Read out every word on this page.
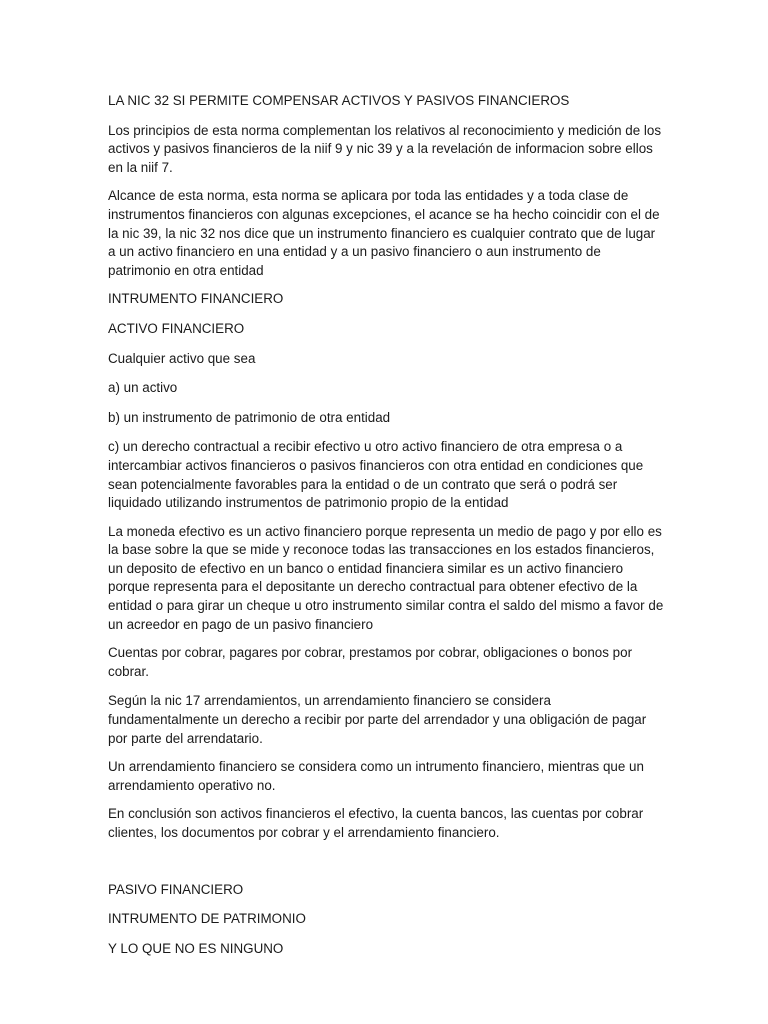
LA NIC 32 SI PERMITE COMPENSAR ACTIVOS Y PASIVOS FINANCIEROS

Los principios de esta norma complementan los relativos al reconocimiento y medición de los activos y pasivos financieros de la niif 9 y nic 39 y a la revelación de informacion sobre ellos en la niif 7.

Alcance de esta norma, esta norma se aplicara por toda las entidades y a toda clase de instrumentos financieros con algunas excepciones, el acance se ha hecho coincidir con el de la nic 39, la nic 32 nos dice que un instrumento financiero es cualquier contrato que de lugar a un activo financiero en una entidad y a un pasivo financiero o aun instrumento de patrimonio en otra entidad

INTRUMENTO FINANCIERO

ACTIVO FINANCIERO

Cualquier activo que sea

a) un activo

b) un instrumento de patrimonio de otra entidad

c) un derecho contractual a recibir efectivo u otro activo financiero de otra empresa o a intercambiar activos financieros o pasivos financieros con otra entidad en condiciones que sean potencialmente favorables para la entidad o de un contrato que será o podrá ser liquidado utilizando instrumentos de patrimonio propio de la entidad

La moneda efectivo es un activo financiero porque representa un medio de pago y por ello es la base sobre la que se mide y reconoce todas las transacciones en los estados financieros, un deposito de efectivo en un banco o entidad financiera similar es un activo financiero porque representa para el depositante un derecho contractual para obtener efectivo de la entidad o para girar un cheque u otro instrumento similar contra el saldo del mismo a favor de un acreedor en pago de un pasivo financiero

Cuentas por cobrar, pagares por cobrar, prestamos por cobrar, obligaciones o bonos por cobrar.

Según la nic 17 arrendamientos, un arrendamiento financiero se considera fundamentalmente un derecho a recibir por parte del arrendador y una obligación de pagar por parte del arrendatario.

Un arrendamiento financiero se considera como un intrumento financiero, mientras que un arrendamiento operativo no.

En conclusión son activos financieros el efectivo, la cuenta bancos, las cuentas por cobrar clientes, los documentos por cobrar y el arrendamiento financiero.

PASIVO FINANCIERO

INTRUMENTO DE PATRIMONIO

Y LO QUE NO ES NINGUNO
